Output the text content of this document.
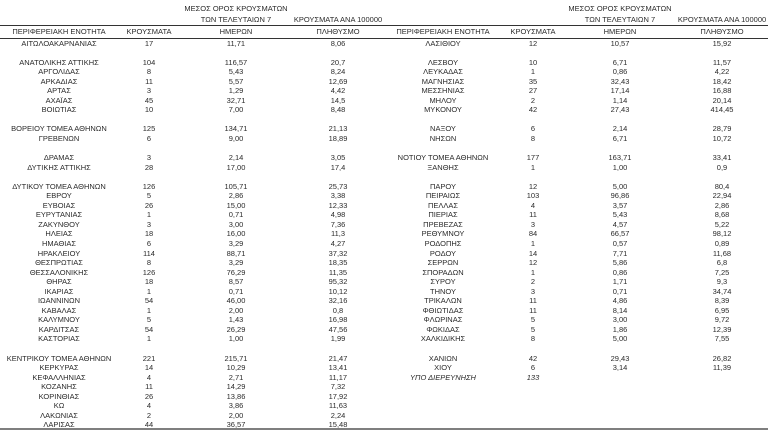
		ΜΕΣΟΣ ΟΡΟΣ ΚΡΟΥΣΜΑΤΩΝ				ΜΕΣΟΣ ΟΡΟΣ ΚΡΟΥΣΜΑΤΩΝ	
		ΤΩΝ ΤΕΛΕΥΤΑΙΩΝ 7	ΚΡΟΥΣΜΑΤΑ ΑΝΑ 100000			ΤΩΝ ΤΕΛΕΥΤΑΙΩΝ 7	ΚΡΟΥΣΜΑΤΑ ΑΝΑ 100000
ΠΕΡΙΦΕΡΕΙΑΚΗ ΕΝΟΤΗΤΑ	ΚΡΟΥΣΜΑΤΑ	ΗΜΕΡΩΝ	ΠΛΗΘΥΣΜΟ	ΠΕΡΙΦΕΡΕΙΑΚΗ ΕΝΟΤΗΤΑ	ΚΡΟΥΣΜΑΤΑ	ΗΜΕΡΩΝ	ΠΛΗΘΥΣΜΟ
ΑΙΤΩΛΟΑΚΑΡΝΑΝΙΑΣ	17	11,71	8,06	ΛΑΣΙΘΙΟΥ	12	10,57	15,92

ΑΝΑΤΟΛΙΚΗΣ ΑΤΤΙΚΗΣ	104	116,57	20,7	ΛΕΣΒΟΥ	10	6,71	11,57
ΑΡΓΟΛΙΔΑΣ	8	5,43	8,24	ΛΕΥΚΑΔΑΣ	1	0,86	4,22
ΑΡΚΑΔΙΑΣ	11	5,57	12,69	ΜΑΓΝΗΣΙΑΣ	35	32,43	18,42
ΑΡΤΑΣ	3	1,29	4,42	ΜΕΣΣΗΝΙΑΣ	27	17,14	16,88
ΑΧΑΪΑΣ	45	32,71	14,5	ΜΗΛΟΥ	2	1,14	20,14
ΒΟΙΩΤΙΑΣ	10	7,00	8,48	ΜΥΚΟΝΟΥ	42	27,43	414,45

ΒΟΡΕΙΟΥ ΤΟΜΕΑ ΑΘΗΝΩΝ	125	134,71	21,13	ΝΑΞΟΥ	6	2,14	28,79
ΓΡΕΒΕΝΩΝ	6	9,00	18,89	ΝΗΣΩΝ	8	6,71	10,72

ΔΡΑΜΑΣ	3	2,14	3,05	ΝΟΤΙΟΥ ΤΟΜΕΑ ΑΘΗΝΩΝ	177	163,71	33,41
ΔΥΤΙΚΗΣ ΑΤΤΙΚΗΣ	28	17,00	17,4	ΞΑΝΘΗΣ	1	1,00	0,9

ΔΥΤΙΚΟΥ ΤΟΜΕΑ ΑΘΗΝΩΝ	126	105,71	25,73	ΠΑΡΟΥ	12	5,00	80,4
ΕΒΡΟΥ	5	2,86	3,38	ΠΕΙΡΑΙΩΣ	103	96,86	22,94
ΕΥΒΟΙΑΣ	26	15,00	12,33	ΠΕΛΛΑΣ	4	3,57	2,86
ΕΥΡΥΤΑΝΙΑΣ	1	0,71	4,98	ΠΙΕΡΙΑΣ	11	5,43	8,68
ΖΑΚΥΝΘΟΥ	3	3,00	7,36	ΠΡΕΒΕΖΑΣ	3	4,57	5,22
ΗΛΕΙΑΣ	18	16,00	11,3	ΡΕΘΥΜΝΟΥ	84	66,57	98,12
ΗΜΑΘΙΑΣ	6	3,29	4,27	ΡΟΔΟΠΗΣ	1	0,57	0,89
ΗΡΑΚΛΕΙΟΥ	114	88,71	37,32	ΡΟΔΟΥ	14	7,71	11,68
ΘΕΣΠΡΩΤΙΑΣ	8	3,29	18,35	ΣΕΡΡΩΝ	12	5,86	6,8
ΘΕΣΣΑΛΟΝΙΚΗΣ	126	76,29	11,35	ΣΠΟΡΑΔΩΝ	1	0,86	7,25
ΘΗΡΑΣ	18	8,57	95,32	ΣΥΡΟΥ	2	1,71	9,3
ΙΚΑΡΙΑΣ	1	0,71	10,12	ΤΗΝΟΥ	3	0,71	34,74
ΙΩΑΝΝΙΝΩΝ	54	46,00	32,16	ΤΡΙΚΑΛΩΝ	11	4,86	8,39
ΚΑΒΑΛΑΣ	1	2,00	0,8	ΦΘΙΩΤΙΔΑΣ	11	8,14	6,95
ΚΑΛΥΜΝΟΥ	5	1,43	16,98	ΦΛΩΡΙΝΑΣ	5	3,00	9,72
ΚΑΡΔΙΤΣΑΣ	54	26,29	47,56	ΦΩΚΙΔΑΣ	5	1,86	12,39
ΚΑΣΤΟΡΙΑΣ	1	1,00	1,99	ΧΑΛΚΙΔΙΚΗΣ	8	5,00	7,55

ΚΕΝΤΡΙΚΟΥ ΤΟΜΕΑ ΑΘΗΝΩΝ	221	215,71	21,47	ΧΑΝΙΩΝ	42	29,43	26,82
ΚΕΡΚΥΡΑΣ	14	10,29	13,41	ΧΙΟΥ	6	3,14	11,39
ΚΕΦΑΛΛΗΝΙΑΣ	4	2,71	11,17	ΥΠΟ ΔΙΕΡΕΥΝΗΣΗ	133		
ΚΟΖΑΝΗΣ	11	14,29	7,32				
ΚΟΡΙΝΘΙΑΣ	26	13,86	17,92				
ΚΩ	4	3,86	11,63				
ΛΑΚΩΝΙΑΣ	2	2,00	2,24				
ΛΑΡΙΣΑΣ	44	36,57	15,48				
